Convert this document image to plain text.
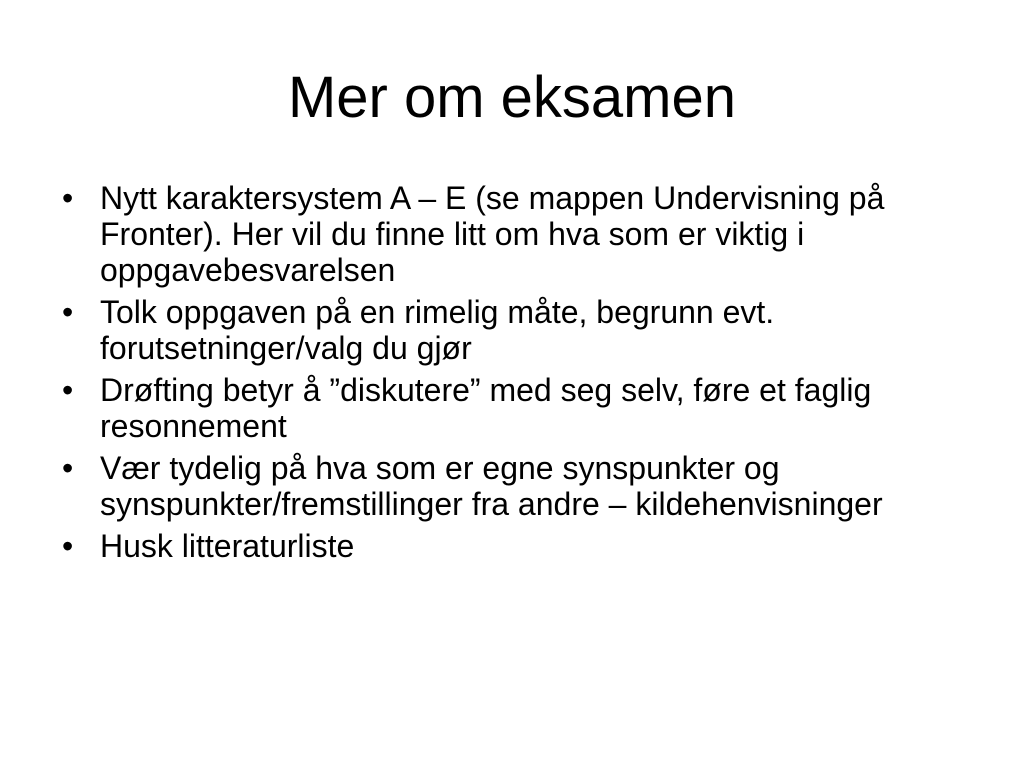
Mer om eksamen
• Nytt karaktersystem A – E (se mappen Undervisning på Fronter). Her vil du finne litt om hva som er viktig i oppgavebesvarelsen
• Tolk oppgaven på en rimelig måte, begrunn evt. forutsetninger/valg du gjør
• Drøfting betyr å ”diskutere” med seg selv, føre et faglig resonnement
• Vær tydelig på hva som er egne synspunkter og synspunkter/fremstillinger fra andre – kildehenvisninger
• Husk litteraturliste
